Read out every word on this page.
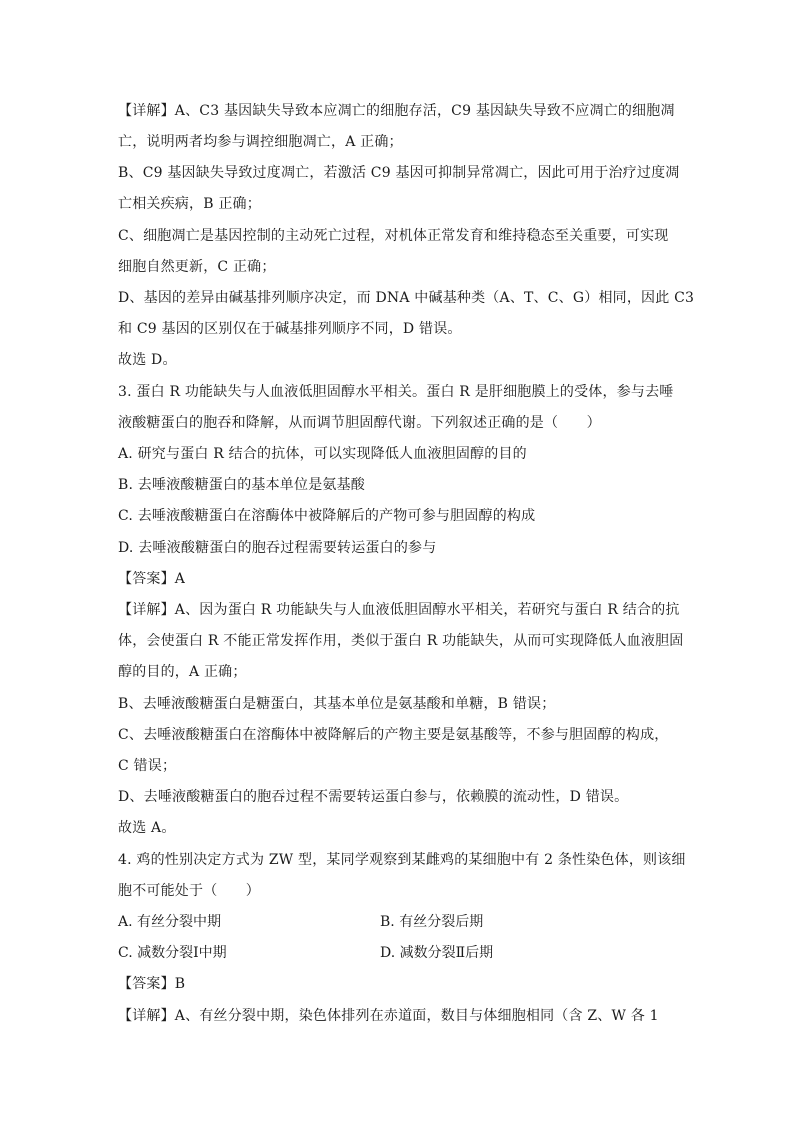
【详解】A、C3 基因缺失导致本应凋亡的细胞存活，C9 基因缺失导致不应凋亡的细胞凋
亡，说明两者均参与调控细胞凋亡，A 正确；
B、C9 基因缺失导致过度凋亡，若激活 C9 基因可抑制异常凋亡，因此可用于治疗过度凋
亡相关疾病，B 正确；
C、细胞凋亡是基因控制的主动死亡过程，对机体正常发育和维持稳态至关重要，可实现
细胞自然更新，C 正确；
D、基因的差异由碱基排列顺序决定，而 DNA 中碱基种类（A、T、C、G）相同，因此 C3
和 C9 基因的区别仅在于碱基排列顺序不同，D 错误。
故选 D。
3. 蛋白 R 功能缺失与人血液低胆固醇水平相关。蛋白 R 是肝细胞膜上的受体，参与去唾
液酸糖蛋白的胞吞和降解，从而调节胆固醇代谢。下列叙述正确的是（　　）
A. 研究与蛋白 R 结合的抗体，可以实现降低人血液胆固醇的目的
B. 去唾液酸糖蛋白的基本单位是氨基酸
C. 去唾液酸糖蛋白在溶酶体中被降解后的产物可参与胆固醇的构成
D. 去唾液酸糖蛋白的胞吞过程需要转运蛋白的参与
【答案】A
【详解】A、因为蛋白 R 功能缺失与人血液低胆固醇水平相关，若研究与蛋白 R 结合的抗
体，会使蛋白 R 不能正常发挥作用，类似于蛋白 R 功能缺失，从而可实现降低人血液胆固
醇的目的，A 正确；
B、去唾液酸糖蛋白是糖蛋白，其基本单位是氨基酸和单糖，B 错误；
C、去唾液酸糖蛋白在溶酶体中被降解后的产物主要是氨基酸等，不参与胆固醇的构成，
C 错误；
D、去唾液酸糖蛋白的胞吞过程不需要转运蛋白参与，依赖膜的流动性，D 错误。
故选 A。
4. 鸡的性别决定方式为 ZW 型，某同学观察到某雌鸡的某细胞中有 2 条性染色体，则该细
胞不可能处于（　　）
A. 有丝分裂中期	B. 有丝分裂后期
C. 减数分裂Ⅰ中期	D. 减数分裂Ⅱ后期
【答案】B
【详解】A、有丝分裂中期，染色体排列在赤道面，数目与体细胞相同（含 Z、W 各 1
